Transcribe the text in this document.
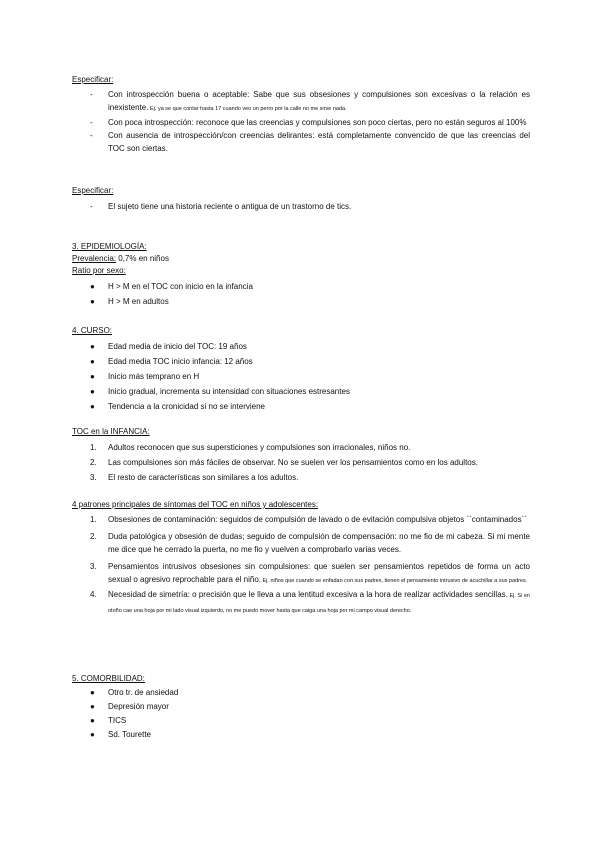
Especificar:
- Con introspección buena o aceptable: Sabe que sus obsesiones y compulsiones son excesivas o la relación es inexistente. Ej. ya se que contar hasta 17 cuando veo un perro por la calle no me sirve nada.
- Con poca introspección: reconoce que las creencias y compulsiones son poco ciertas, pero no están seguros al 100%
- Con ausencia de introspección/con creencias delirantes: está completamente convencido de que las creencias del TOC son ciertas.
Especificar:
- El sujeto tiene una historia reciente o antigua de un trastorno de tics.
3. EPIDEMIOLOGÍA:
Prevalencia: 0,7% en niños
Ratio por sexo:
● H > M en el TOC con inicio en la infancia
● H > M en adultos
4. CURSO:
● Edad media de inicio del TOC: 19 años
● Edad media TOC inicio infancia: 12 años
● Inicio más temprano en H
● Inicio gradual, incrementa su intensidad con situaciones estresantes
● Tendencia a la cronicidad si no se interviene
TOC en la INFANCIA:
1. Adultos reconocen que sus supersticiones y compulsiones son irracionales, niños no.
2. Las compulsiones son más fáciles de observar. No se suelen ver los pensamientos como en los adultos.
3. El resto de características son similares a los adultos.
4 patrones principales de síntomas del TOC en niños y adolescentes:
1. Obsesiones de contaminación: seguidos de compulsión de lavado o de evitación compulsiva objetos ``contaminados´´
2. Duda patológica y obsesión de dudas; seguido de compulsión de compensación: no me fio de mi cabeza. Si mi mente me dice que he cerrado la puerta, no me fio y vuelven a comprobarlo varias veces.
3. Pensamientos intrusivos obsesiones sin compulsiones: que suelen ser pensamientos repetidos de forma un acto sexual o agresivo reprochable para el niño. Ej. niños que cuando se enfadan con sus padres, tienen el pensamiento intrusivo de acuchillar a sus padres.
4. Necesidad de simetría: o precisión que le lleva a una lentitud excesiva a la hora de realizar actividades sencillas. Ej. Si en otoño cae una hoja por mi lado visual izquierdo, no me puedo mover hasta que caiga una hoja por mi campo visual derecho.
5. COMORBILIDAD:
● Otro tr. de ansiedad
● Depresión mayor
● TICS
● Sd. Tourette
